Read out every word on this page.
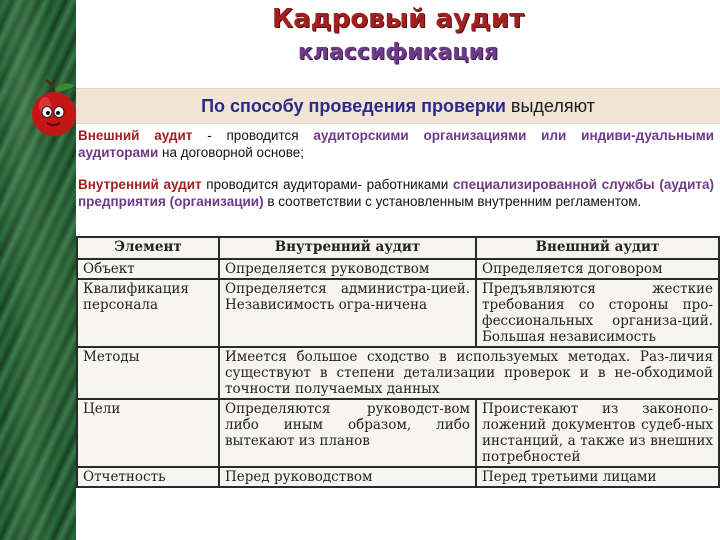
Кадровый аудит
классификация
По способу проведения проверки выделяют
Внешний аудит - проводится аудиторскими организациями или индиви-дуальными аудиторами на договорной основе;
Внутренний аудит проводится аудиторами- работниками специализированной службы (аудита) предприятия (организации) в соответствии с установленным внутренним регламентом.
Элемент	Внутренний аудит	Внешний аудит
Объект	Определяется руководством	Определяется договором
Квалификация персонала	Определяется администра-цией. Независимость огра-ничена	Предъявляются жесткие требования со стороны про-фессиональных организа-ций. Большая независимость
Методы	Имеется большое сходство в используемых методах. Раз-личия существуют в степени детализации проверок и в не-обходимой точности получаемых данных	
Цели	Определяются руководст-вом либо иным образом, либо вытекают из планов	Проистекают из законопо-ложений документов судеб-ных инстанций, а также из внешних потребностей
Отчетность	Перед руководством	Перед третьими лицами
